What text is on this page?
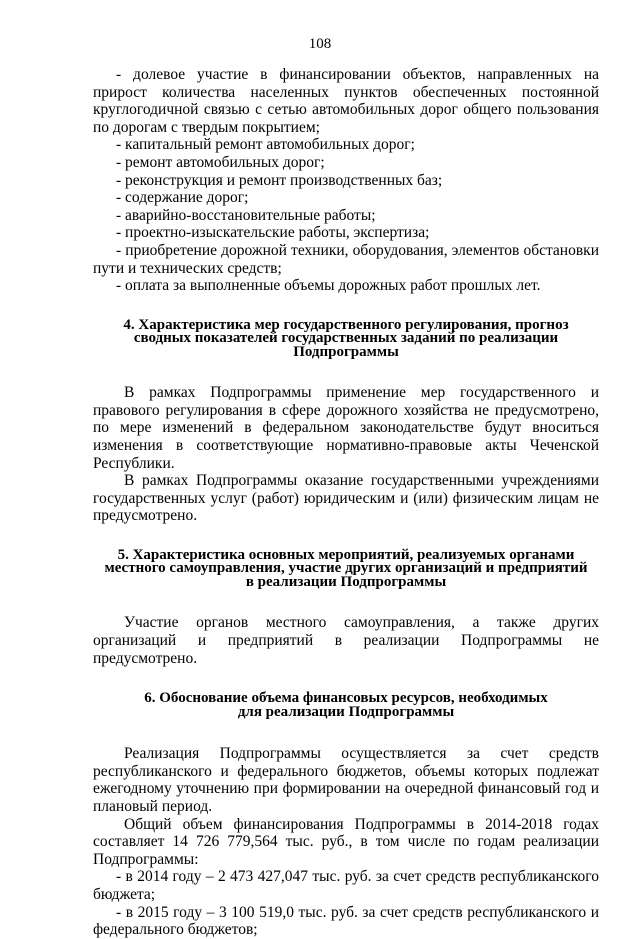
108

- долевое участие в финансировании объектов, направленных на прирост количества населенных пунктов обеспеченных постоянной круглогодичной связью с сетью автомобильных дорог общего пользования по дорогам с твердым покрытием;

- капитальный ремонт автомобильных дорог;

- ремонт автомобильных дорог;

- реконструкция и ремонт производственных баз;

- содержание дорог;

- аварийно-восстановительные работы;

- проектно-изыскательские работы, экспертиза;

- приобретение дорожной техники, оборудования, элементов обстановки пути и технических средств;

- оплата за выполненные объемы дорожных работ прошлых лет.

4. Характеристика мер государственного регулирования, прогноз
сводных показателей государственных заданий по реализации
Подпрограммы

В рамках Подпрограммы применение мер государственного и правового регулирования в сфере дорожного хозяйства не предусмотрено, по мере изменений в федеральном законодательстве будут вноситься изменения в соответствующие нормативно-правовые акты Чеченской Республики.

В рамках Подпрограммы оказание государственными учреждениями государственных услуг (работ) юридическим и (или) физическим лицам не предусмотрено.

5. Характеристика основных мероприятий, реализуемых органами
местного самоуправления, участие других организаций и предприятий
в реализации Подпрограммы

Участие органов местного самоуправления, а также других организаций и предприятий в реализации Подпрограммы не предусмотрено.

6. Обоснование объема финансовых ресурсов, необходимых
для реализации Подпрограммы

Реализация Подпрограммы осуществляется за счет средств республиканского и федерального бюджетов, объемы которых подлежат ежегодному уточнению при формировании на очередной финансовый год и плановый период.

Общий объем финансирования Подпрограммы в 2014-2018 годах составляет 14 726 779,564 тыс. руб., в том числе по годам реализации Подпрограммы:

- в 2014 году – 2 473 427,047 тыс. руб. за счет средств республиканского бюджета;

- в 2015 году – 3 100 519,0 тыс. руб. за счет средств республиканского и федерального бюджетов;
